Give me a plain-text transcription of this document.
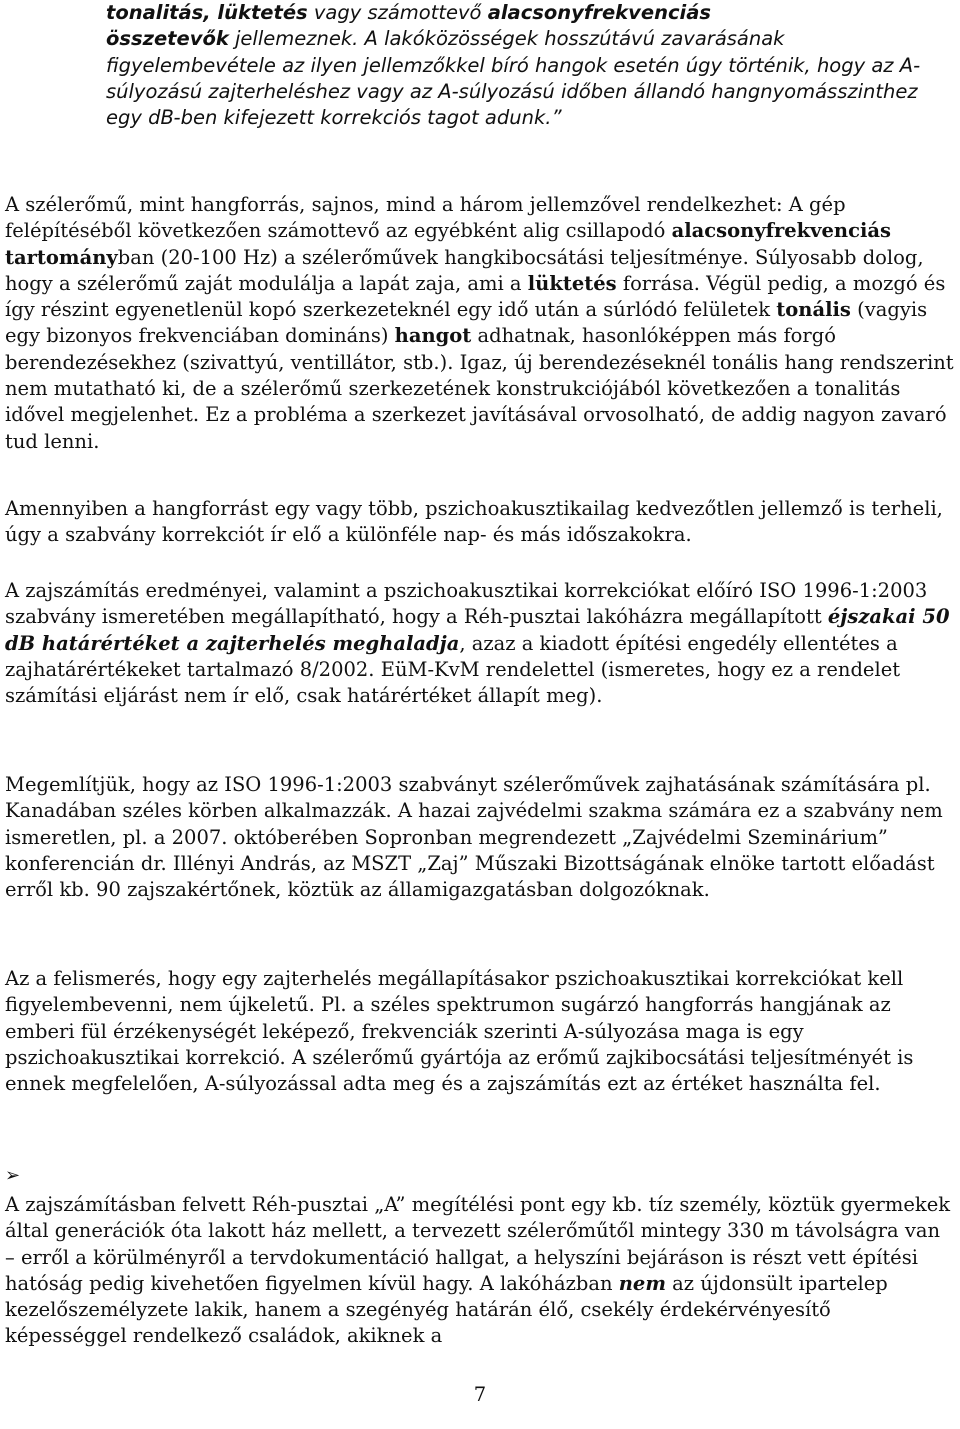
tonalitás, lüktetés vagy számottevő alacsonyfrekvenciás
összetevők jellemeznek. A lakóközösségek hosszútávú zavarásának figyelembevétele az ilyen jellemzőkkel bíró hangok esetén úgy történik, hogy az A-súlyozású zajterheléshez vagy az A-súlyozású időben állandó hangnyomásszinthez egy dB-ben kifejezett korrekciós tagot adunk.”

A szélerőmű, mint hangforrás, sajnos, mind a három jellemzővel rendelkezhet: A gép felépítéséből következően számottevő az egyébként alig csillapodó alacsonyfrekvenciás tartományban (20-100 Hz) a szélerőművek hangkibocsátási teljesítménye. Súlyosabb dolog, hogy a szélerőmű zaját modulálja a lapát zaja, ami a lüktetés forrása. Végül pedig, a mozgó és így részint egyenetlenül kopó szerkezeteknél egy idő után a súrlódó felületek tonális (vagyis egy bizonyos frekvenciában domináns) hangot adhatnak, hasonlóképpen más forgó berendezésekhez (szivattyú, ventillátor, stb.). Igaz, új berendezéseknél tonális hang rendszerint nem mutatható ki, de a szélerőmű szerkezetének konstrukciójából következően a tonalitás idővel megjelenhet. Ez a probléma a szerkezet javításával orvosolható, de addig nagyon zavaró tud lenni.

Amennyiben a hangforrást egy vagy több, pszichoakusztikailag kedvezőtlen jellemző is terheli, úgy a szabvány korrekciót ír elő a különféle nap- és más időszakokra.

A zajszámítás eredményei, valamint a pszichoakusztikai korrekciókat előíró ISO 1996-1:2003 szabvány ismeretében megállapítható, hogy a Réh-pusztai lakóházra megállapított éjszakai 50 dB határértéket a zajterhelés meghaladja, azaz a kiadott építési engedély ellentétes a zajhatárértékeket tartalmazó 8/2002. EüM-KvM rendelettel (ismeretes, hogy ez a rendelet számítási eljárást nem ír elő, csak határértéket állapít meg).

Megemlítjük, hogy az ISO 1996-1:2003 szabványt szélerőművek zajhatásának számítására pl. Kanadában széles körben alkalmazzák. A hazai zajvédelmi szakma számára ez a szabvány nem ismeretlen, pl. a 2007. októberében Sopronban megrendezett „Zajvédelmi Szeminárium” konferencián dr. Illényi András, az MSZT „Zaj” Műszaki Bizottságának elnöke tartott előadást erről kb. 90 zajszakértőnek, köztük az államigazgatásban dolgozóknak.

Az a felismerés, hogy egy zajterhelés megállapításakor pszichoakusztikai korrekciókat kell figyelembevenni, nem újkeletű. Pl. a széles spektrumon sugárzó hangforrás hangjának az emberi fül érzékenységét leképező, frekvenciák szerinti A-súlyozása maga is egy pszichoakusztikai korrekció. A szélerőmű gyártója az erőmű zajkibocsátási teljesítményét is ennek megfelelően, A-súlyozással adta meg és a zajszámítás ezt az értéket használta fel.

➢

A zajszámításban felvett Réh-pusztai „A” megítélési pont egy kb. tíz személy, köztük gyermekek által generációk óta lakott ház mellett, a tervezett szélerőműtől mintegy 330 m távolságra van – erről a körülményről a tervdokumentáció hallgat, a helyszíni bejáráson is részt vett építési hatóság pedig kivehetően figyelmen kívül hagy. A lakóházban nem az újdonsült ipartelep kezelőszemélyzete lakik, hanem a szegényég határán élő, csekély érdekérvényesítő képességgel rendelkező családok, akiknek a

7
